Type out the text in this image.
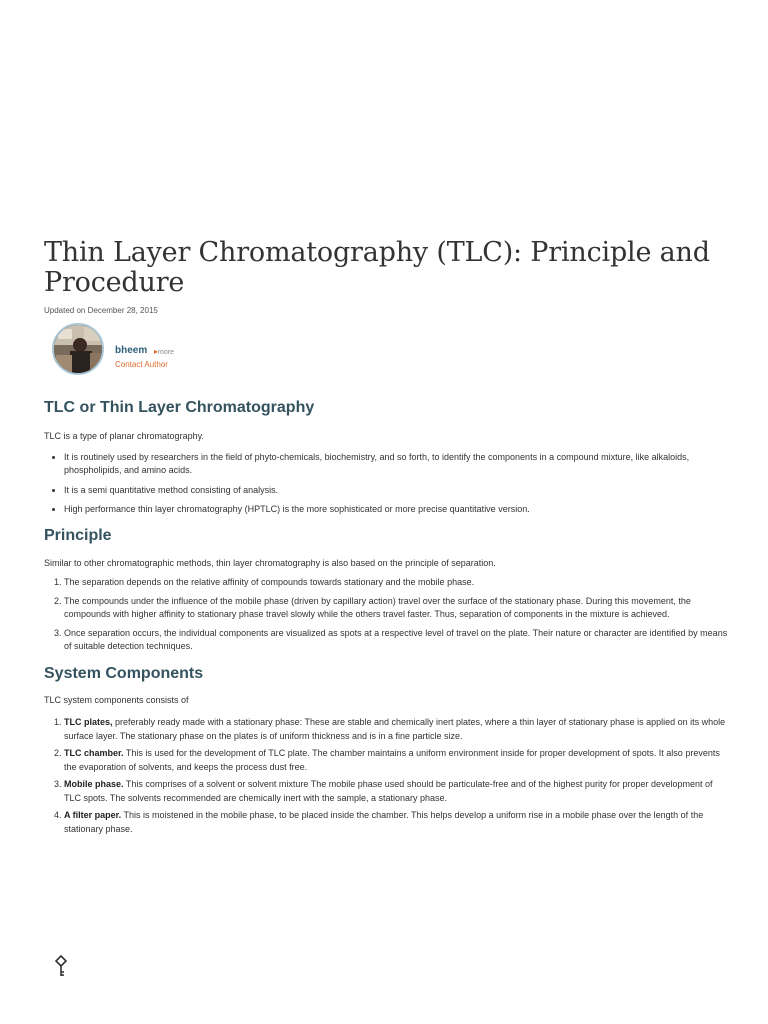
Thin Layer Chromatography (TLC): Principle and Procedure
Updated on December 28, 2015
bheem ▸more
Contact Author
TLC or Thin Layer Chromatography

TLC is a type of planar chromatography.

• It is routinely used by researchers in the field of phyto-chemicals, biochemistry, and so forth, to identify the components in a compound mixture, like alkaloids, phospholipids, and amino acids.
• It is a semi quantitative method consisting of analysis.
• High performance thin layer chromatography (HPTLC) is the more sophisticated or more precise quantitative version.
Principle

Similar to other chromatographic methods, thin layer chromatography is also based on the principle of separation.

1. The separation depends on the relative affinity of compounds towards stationary and the mobile phase.
2. The compounds under the influence of the mobile phase (driven by capillary action) travel over the surface of the stationary phase. During this movement, the compounds with higher affinity to stationary phase travel slowly while the others travel faster. Thus, separation of components in the mixture is achieved.
3. Once separation occurs, the individual components are visualized as spots at a respective level of travel on the plate. Their nature or character are identified by means of suitable detection techniques.
System Components

TLC system components consists of

1. TLC plates, preferably ready made with a stationary phase: These are stable and chemically inert plates, where a thin layer of stationary phase is applied on its whole surface layer. The stationary phase on the plates is of uniform thickness and is in a fine particle size.
2. TLC chamber. This is used for the development of TLC plate. The chamber maintains a uniform environment inside for proper development of spots. It also prevents the evaporation of solvents, and keeps the process dust free.
3. Mobile phase. This comprises of a solvent or solvent mixture The mobile phase used should be particulate-free and of the highest purity for proper development of TLC spots. The solvents recommended are chemically inert with the sample, a stationary phase.
4. A filter paper. This is moistened in the mobile phase, to be placed inside the chamber. This helps develop a uniform rise in a mobile phase over the length of the stationary phase.
